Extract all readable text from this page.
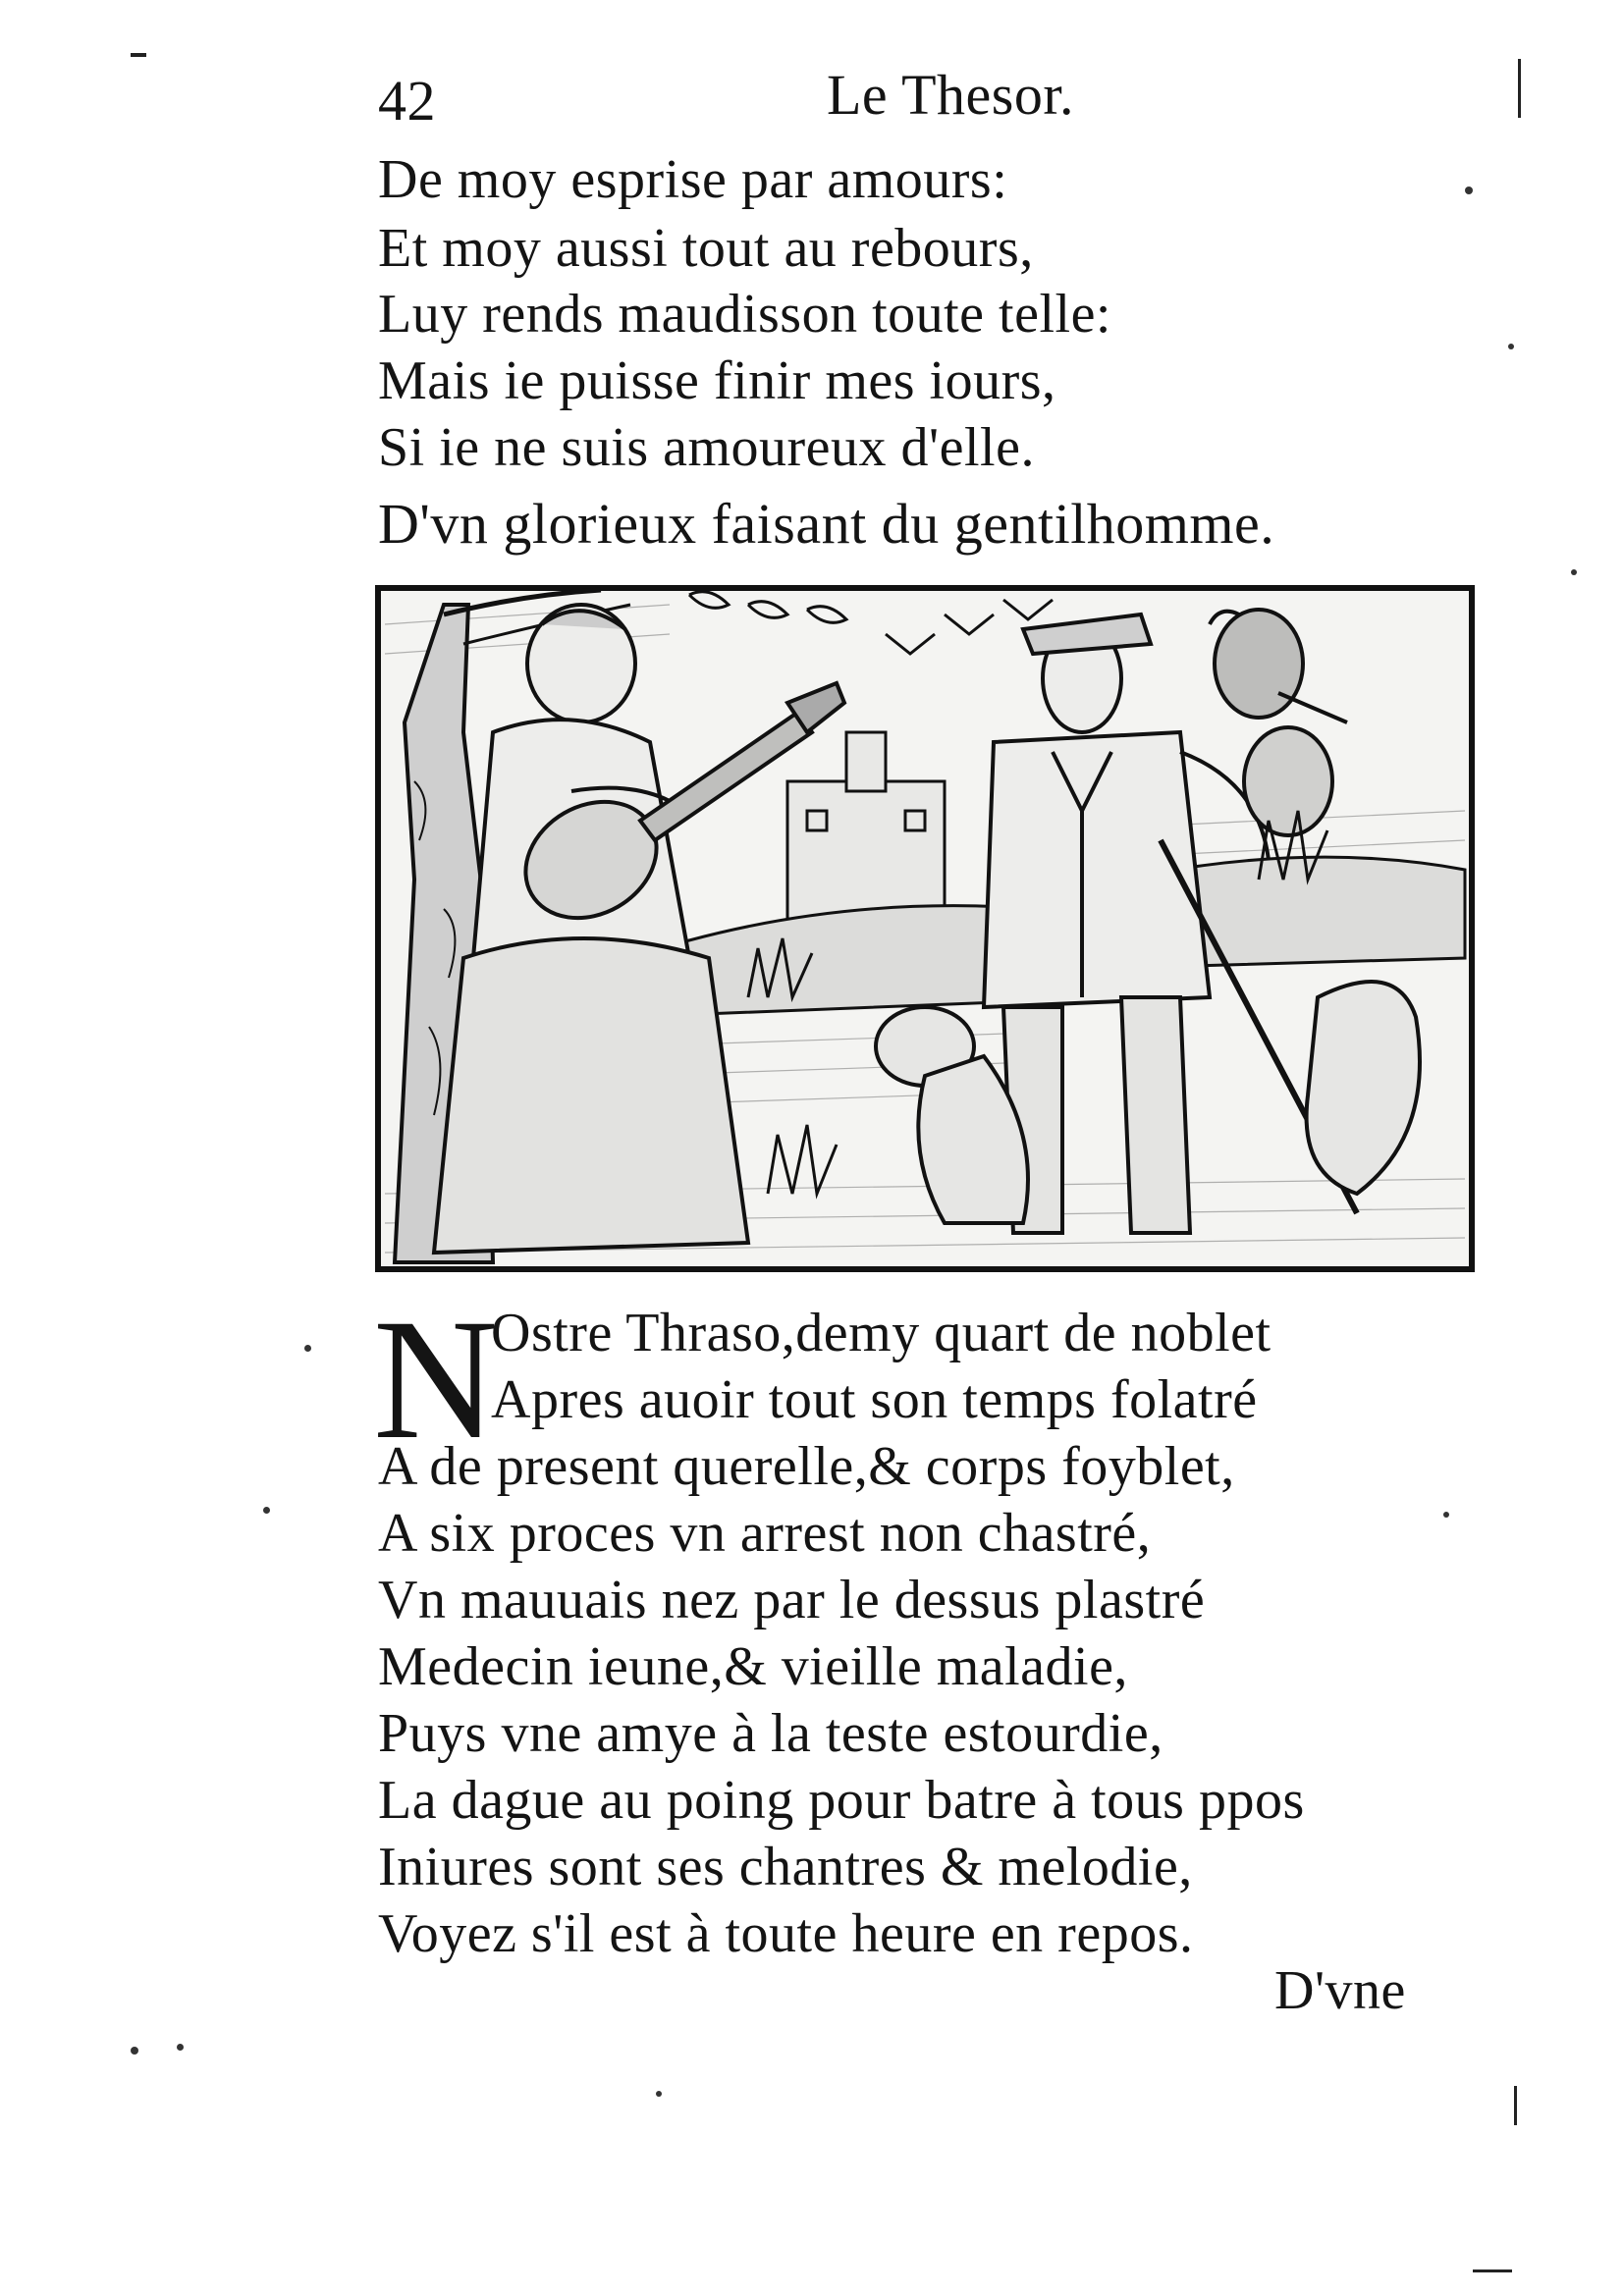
42	Le Thesor.
De moy esprise par amours:
Et moy aussi tout au rebours,
Luy rends maudisson toute telle:
Mais ie puisse finir mes iours,
Si ie ne suis amoureux d'elle.
D'vn glorieux faisant du gentilhomme.
N
Ostre Thraso,demy quart de noblet
Apres auoir tout son temps folatré
A de present querelle,& corps foyblet,
A six proces vn arrest non chastré,
Vn mauuais nez par le dessus plastré
Medecin ieune,& vieille maladie,
Puys vne amye à la teste estourdie,
La dague au poing pour batre à tous ppos
Iniures sont ses chantres & melodie,
Voyez s'il est à toute heure en repos.
D'vne
